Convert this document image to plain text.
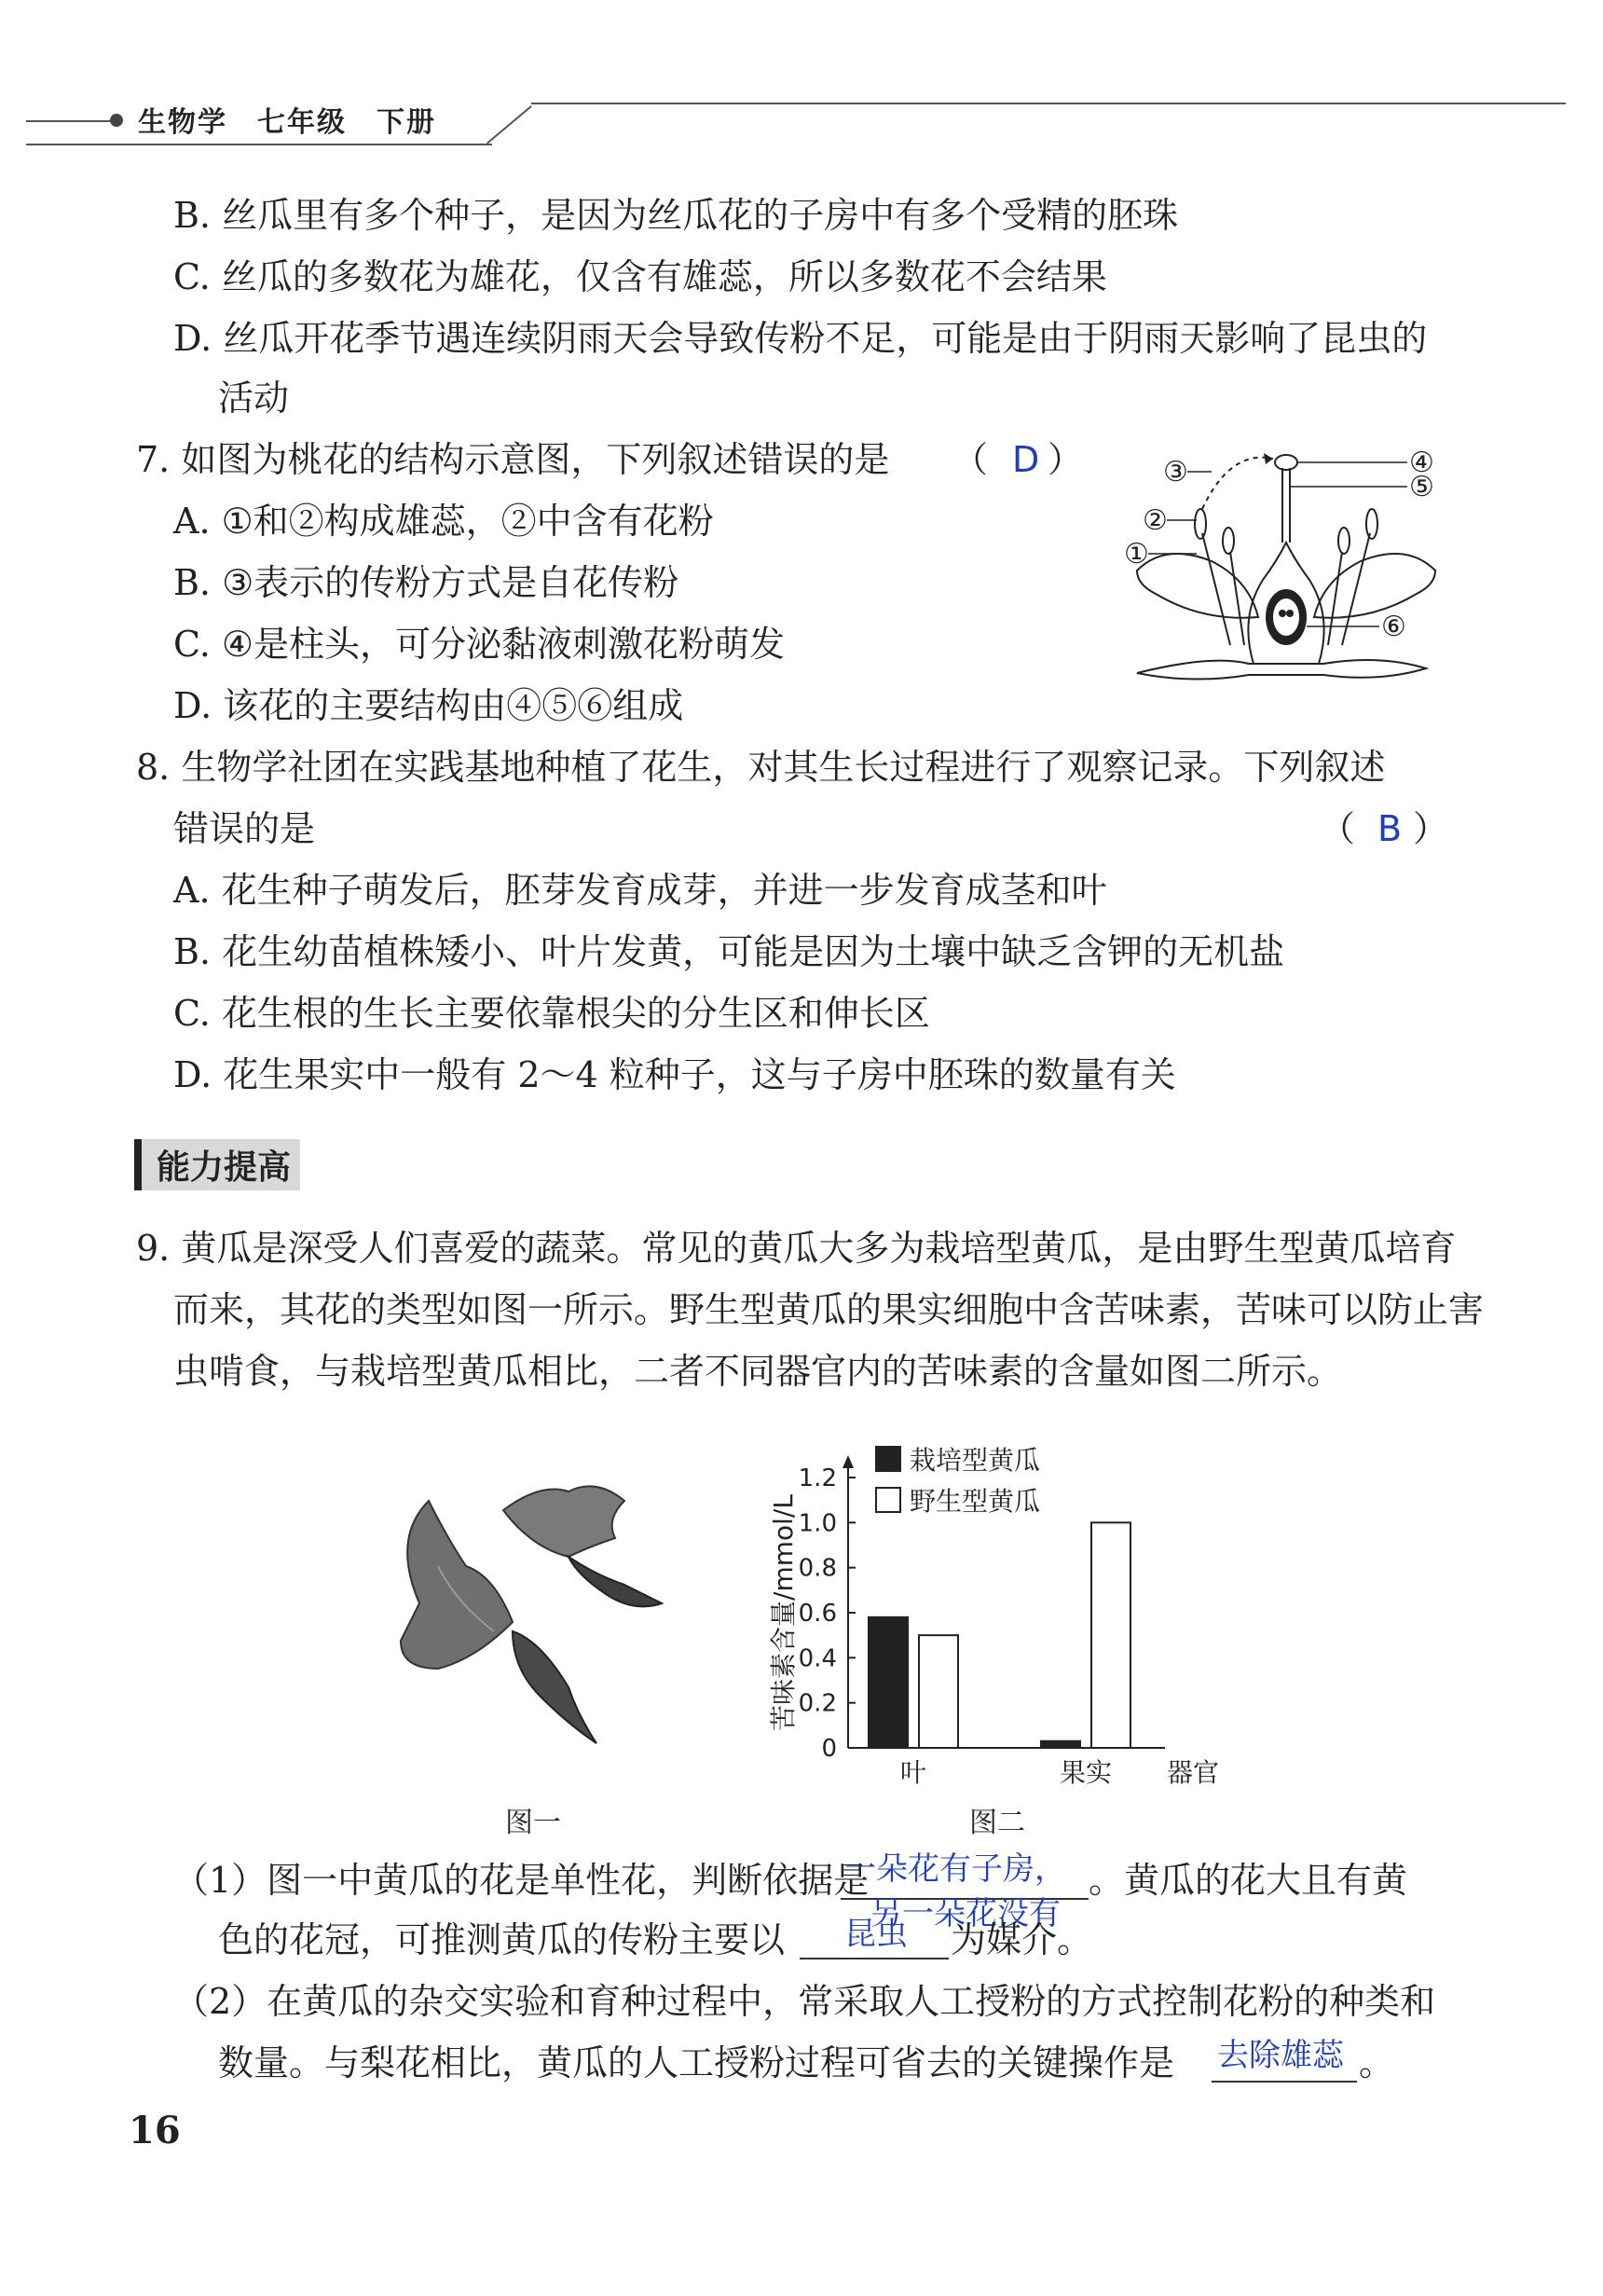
生物学　七年级　下册
B. 丝瓜里有多个种子，是因为丝瓜花的子房中有多个受精的胚珠
C. 丝瓜的多数花为雄花，仅含有雄蕊，所以多数花不会结果
D. 丝瓜开花季节遇连续阴雨天会导致传粉不足，可能是由于阴雨天影响了昆虫的
活动
7. 如图为桃花的结构示意图，下列叙述错误的是 （ D ）
A. ①和②构成雄蕊，②中含有花粉
B. ③表示的传粉方式是自花传粉
C. ④是柱头，可分泌黏液刺激花粉萌发
D. 该花的主要结构由④⑤⑥组成
①
②
③	④
⑤
⑥
8. 生物学社团在实践基地种植了花生，对其生长过程进行了观察记录。下列叙述
错误的是	（ B ）
A. 花生种子萌发后，胚芽发育成芽，并进一步发育成茎和叶
B. 花生幼苗植株矮小、叶片发黄，可能是因为土壤中缺乏含钾的无机盐
C. 花生根的生长主要依靠根尖的分生区和伸长区
D. 花生果实中一般有 2～4 粒种子，这与子房中胚珠的数量有关
能力提高
9. 黄瓜是深受人们喜爱的蔬菜。常见的黄瓜大多为栽培型黄瓜，是由野生型黄瓜培育
而来，其花的类型如图一所示。野生型黄瓜的果实细胞中含苦味素，苦味可以防止害
虫啃食，与栽培型黄瓜相比，二者不同器官内的苦味素的含量如图二所示。
图一
0
0.2
0.4
0.6
0.8
1.0
1.2
苦味素含量/mmol/L
叶	果实 器官
栽培型黄瓜
野生型黄瓜
图二
（1）图一中黄瓜的花是单性花，判断依据是
一朵花有子房，
另一朵花没有
。黄瓜的花大且有黄
色的花冠，可推测黄瓜的传粉主要以 昆虫 为媒介。
（2）在黄瓜的杂交实验和育种过程中，常采取人工授粉的方式控制花粉的种类和
数量。与梨花相比，黄瓜的人工授粉过程可省去的关键操作是 去除雄蕊 。
16
